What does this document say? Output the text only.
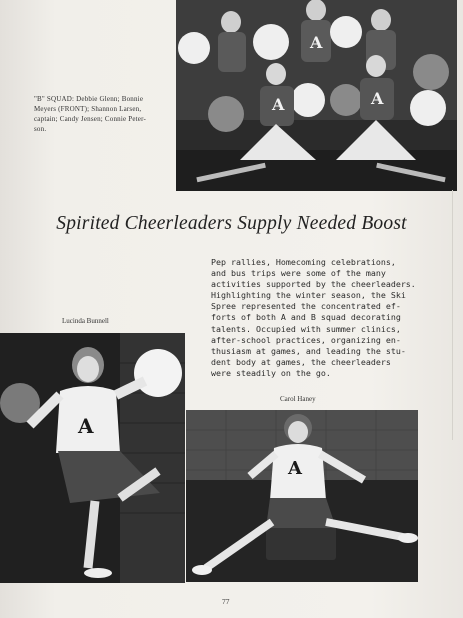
A
A	A
"B" SQUAD: Debbie Glenn; Bonnie
Meyers (FRONT); Shannon Larsen,
captain; Candy Jensen; Connie Peter-
son.
Spirited Cheerleaders Supply Needed Boost
Pep rallies, Homecoming celebrations,
and bus trips were some of the many
activities supported by the cheerleaders.
Highlighting the winter season, the Ski
Spree represented the concentrated ef-
forts of both A and B squad decorating
talents. Occupied with summer clinics,
after-school practices, organizing en-
thusiasm at games, and leading the stu-
dent body at games, the cheerleaders
were steadily on the go.
Lucinda Bunnell
Carol Haney
A
A
77
